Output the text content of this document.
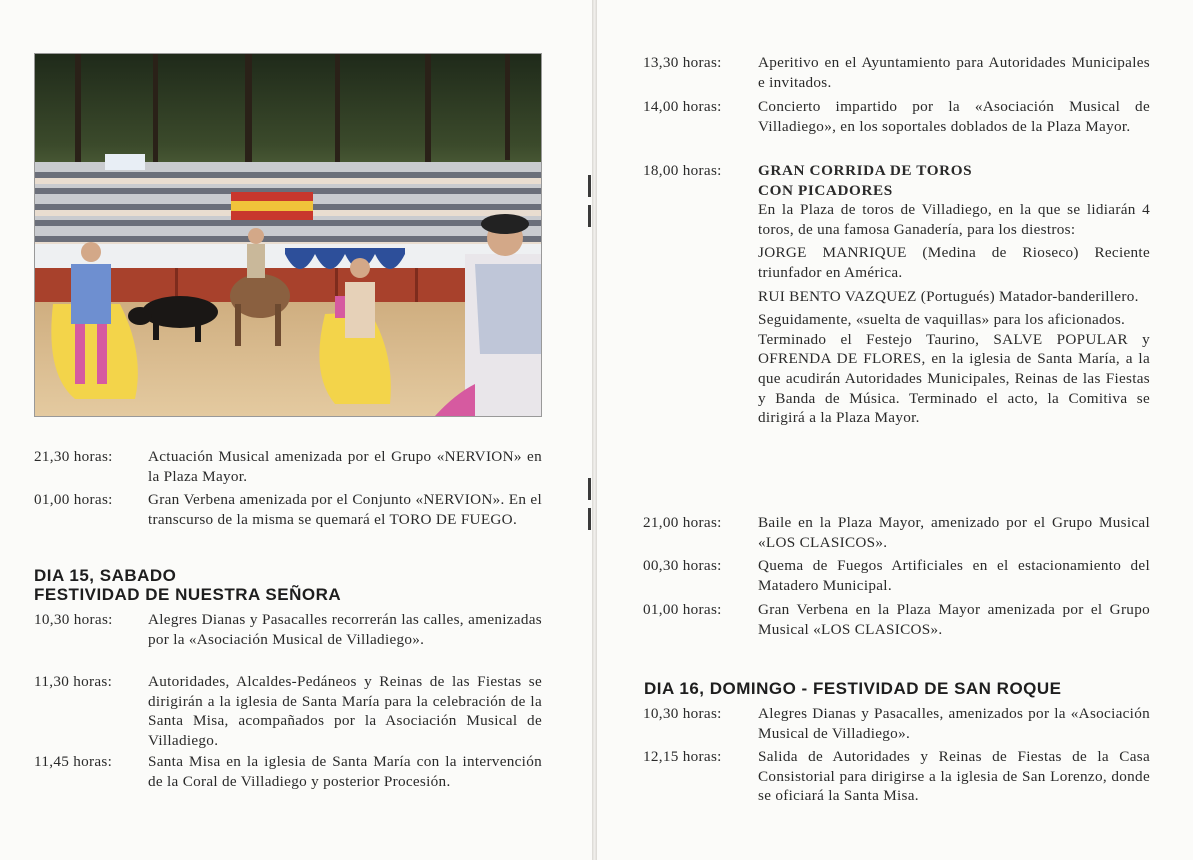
21,30 horas: Actuación Musical amenizada por el Grupo «NERVION» en la Plaza Mayor.

01,00 horas: Gran Verbena amenizada por el Conjunto «NERVION». En el transcurso de la misma se quemará el TORO DE FUEGO.

DIA 15, SABADO
FESTIVIDAD DE NUESTRA SEÑORA
10,30 horas: Alegres Dianas y Pasacalles recorrerán las calles, amenizadas por la «Asociación Musical de Villadiego».

11,30 horas: Autoridades, Alcaldes-Pedáneos y Reinas de las Fiestas se dirigirán a la iglesia de Santa María para la celebración de la Santa Misa, acompañados por la Asociación Musical de Villadiego.

11,45 horas: Santa Misa en la iglesia de Santa María con la intervención de la Coral de Villadiego y posterior Procesión.

13,30 horas: Aperitivo en el Ayuntamiento para Autoridades Municipales e invitados.

14,00 horas: Concierto impartido por la «Asociación Musical de Villadiego», en los soportales doblados de la Plaza Mayor.

18,00 horas: GRAN CORRIDA DE TOROS
CON PICADORES

En la Plaza de toros de Villadiego, en la que se lidiarán 4 toros, de una famosa Ganadería, para los diestros:

JORGE MANRIQUE (Medina de Rioseco) Reciente triunfador en América.

RUI BENTO VAZQUEZ (Portugués) Matador-banderillero.

Seguidamente, «suelta de vaquillas» para los aficionados.

Terminado el Festejo Taurino, SALVE POPULAR y OFRENDA DE FLORES, en la iglesia de Santa María, a la que acudirán Autoridades Municipales, Reinas de las Fiestas y Banda de Música. Terminado el acto, la Comitiva se dirigirá a la Plaza Mayor.

21,00 horas: Baile en la Plaza Mayor, amenizado por el Grupo Musical «LOS CLASICOS».

00,30 horas: Quema de Fuegos Artificiales en el estacionamiento del Matadero Municipal.

01,00 horas: Gran Verbena en la Plaza Mayor amenizada por el Grupo Musical «LOS CLASICOS».

DIA 16, DOMINGO - FESTIVIDAD DE SAN ROQUE
10,30 horas: Alegres Dianas y Pasacalles, amenizados por la «Asociación Musical de Villadiego».

12,15 horas: Salida de Autoridades y Reinas de Fiestas de la Casa Consistorial para dirigirse a la iglesia de San Lorenzo, donde se oficiará la Santa Misa.
